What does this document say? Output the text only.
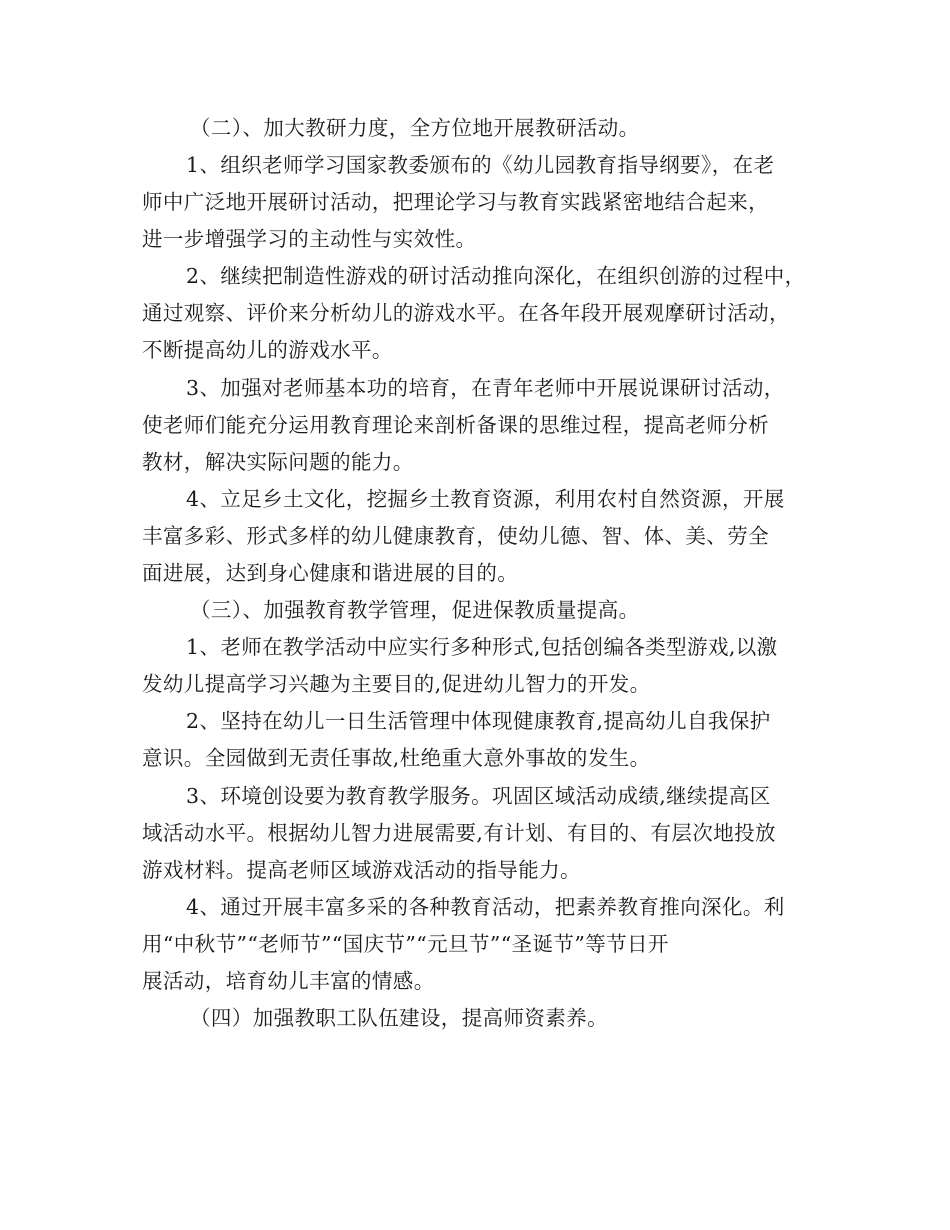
（二）、加大教研力度，全方位地开展教研活动。
1、组织老师学习国家教委颁布的《幼儿园教育指导纲要》，在老
师中广泛地开展研讨活动，把理论学习与教育实践紧密地结合起来，
进一步增强学习的主动性与实效性。
2、继续把制造性游戏的研讨活动推向深化，在组织创游的过程中，
通过观察、评价来分析幼儿的游戏水平。在各年段开展观摩研讨活动，
不断提高幼儿的游戏水平。
3、加强对老师基本功的培育，在青年老师中开展说课研讨活动，
使老师们能充分运用教育理论来剖析备课的思维过程，提高老师分析
教材，解决实际问题的能力。
4、立足乡土文化，挖掘乡土教育资源，利用农村自然资源，开展
丰富多彩、形式多样的幼儿健康教育，使幼儿德、智、体、美、劳全
面进展，达到身心健康和谐进展的目的。
（三）、加强教育教学管理，促进保教质量提高。
1、老师在教学活动中应实行多种形式,包括创编各类型游戏,以激
发幼儿提高学习兴趣为主要目的,促进幼儿智力的开发。
2、坚持在幼儿一日生活管理中体现健康教育,提高幼儿自我保护
意识。全园做到无责任事故,杜绝重大意外事故的发生。
3、环境创设要为教育教学服务。巩固区域活动成绩,继续提高区
域活动水平。根据幼儿智力进展需要,有计划、有目的、有层次地投放
游戏材料。提高老师区域游戏活动的指导能力。
4、通过开展丰富多采的各种教育活动，把素养教育推向深化。利
用“中秋节”“老师节”“国庆节”“元旦节”“圣诞节”等节日开
展活动，培育幼儿丰富的情感。
（四）加强教职工队伍建设，提高师资素养。
